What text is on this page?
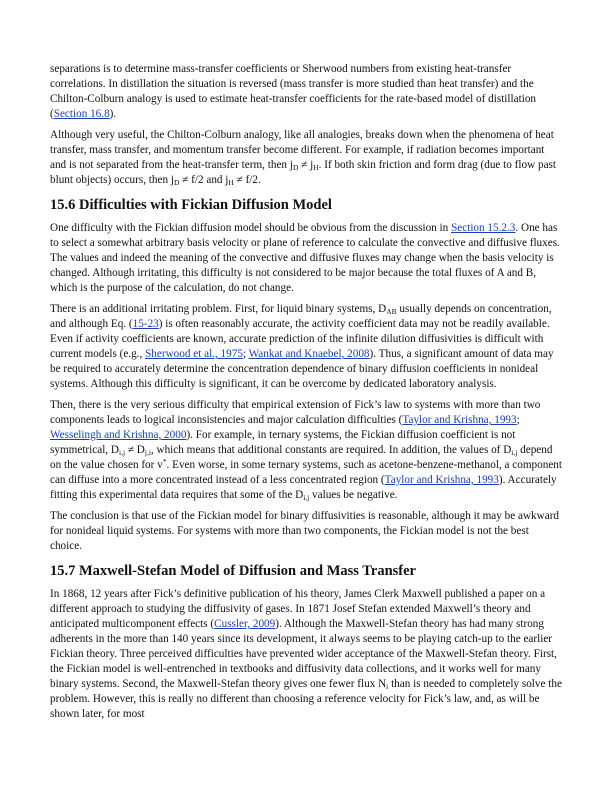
separations is to determine mass-transfer coefficients or Sherwood numbers from existing heat-transfer correlations. In distillation the situation is reversed (mass transfer is more studied than heat transfer) and the Chilton-Colburn analogy is used to estimate heat-transfer coefficients for the rate-based model of distillation (Section 16.8).

Although very useful, the Chilton-Colburn analogy, like all analogies, breaks down when the phenomena of heat transfer, mass transfer, and momentum transfer become different. For example, if radiation becomes important and is not separated from the heat-transfer term, then $j_D \ne j_H$. If both skin friction and form drag (due to flow past blunt objects) occurs, then $j_D \ne f/2$ and $j_H \ne f/2$.

15.6 Difficulties with Fickian Diffusion Model

One difficulty with the Fickian diffusion model should be obvious from the discussion in Section 15.2.3. One has to select a somewhat arbitrary basis velocity or plane of reference to calculate the convective and diffusive fluxes. The values and indeed the meaning of the convective and diffusive fluxes may change when the basis velocity is changed. Although irritating, this difficulty is not considered to be major because the total fluxes of A and B, which is the purpose of the calculation, do not change.

There is an additional irritating problem. First, for liquid binary systems, $D_{AB}$ usually depends on concentration, and although Eq. (15-23) is often reasonably accurate, the activity coefficient data may not be readily available. Even if activity coefficients are known, accurate prediction of the infinite dilution diffusivities is difficult with current models (e.g., Sherwood et al., 1975; Wankat and Knaebel, 2008). Thus, a significant amount of data may be required to accurately determine the concentration dependence of binary diffusion coefficients in nonideal systems. Although this difficulty is significant, it can be overcome by dedicated laboratory analysis.

Then, there is the very serious difficulty that empirical extension of Fick’s law to systems with more than two components leads to logical inconsistencies and major calculation difficulties (Taylor and Krishna, 1993; Wesselingh and Krishna, 2000). For example, in ternary systems, the Fickian diffusion coefficient is not symmetrical, $D_{i,j} \ne D_{j,i}$, which means that additional constants are required. In addition, the values of $D_{i,j}$ depend on the value chosen for v*. Even worse, in some ternary systems, such as acetone-benzene-methanol, a component can diffuse into a more concentrated instead of a less concentrated region (Taylor and Krishna, 1993). Accurately fitting this experimental data requires that some of the $D_{i,j}$ values be negative.

The conclusion is that use of the Fickian model for binary diffusivities is reasonable, although it may be awkward for nonideal liquid systems. For systems with more than two components, the Fickian model is not the best choice.

15.7 Maxwell-Stefan Model of Diffusion and Mass Transfer

In 1868, 12 years after Fick’s definitive publication of his theory, James Clerk Maxwell published a paper on a different approach to studying the diffusivity of gases. In 1871 Josef Stefan extended Maxwell’s theory and anticipated multicomponent effects (Cussler, 2009). Although the Maxwell-Stefan theory has had many strong adherents in the more than 140 years since its development, it always seems to be playing catch-up to the earlier Fickian theory. Three perceived difficulties have prevented wider acceptance of the Maxwell-Stefan theory. First, the Fickian model is well-entrenched in textbooks and diffusivity data collections, and it works well for many binary systems. Second, the Maxwell-Stefan theory gives one fewer flux $N_i$ than is needed to completely solve the problem. However, this is really no different than choosing a reference velocity for Fick’s law, and, as will be shown later, for most
